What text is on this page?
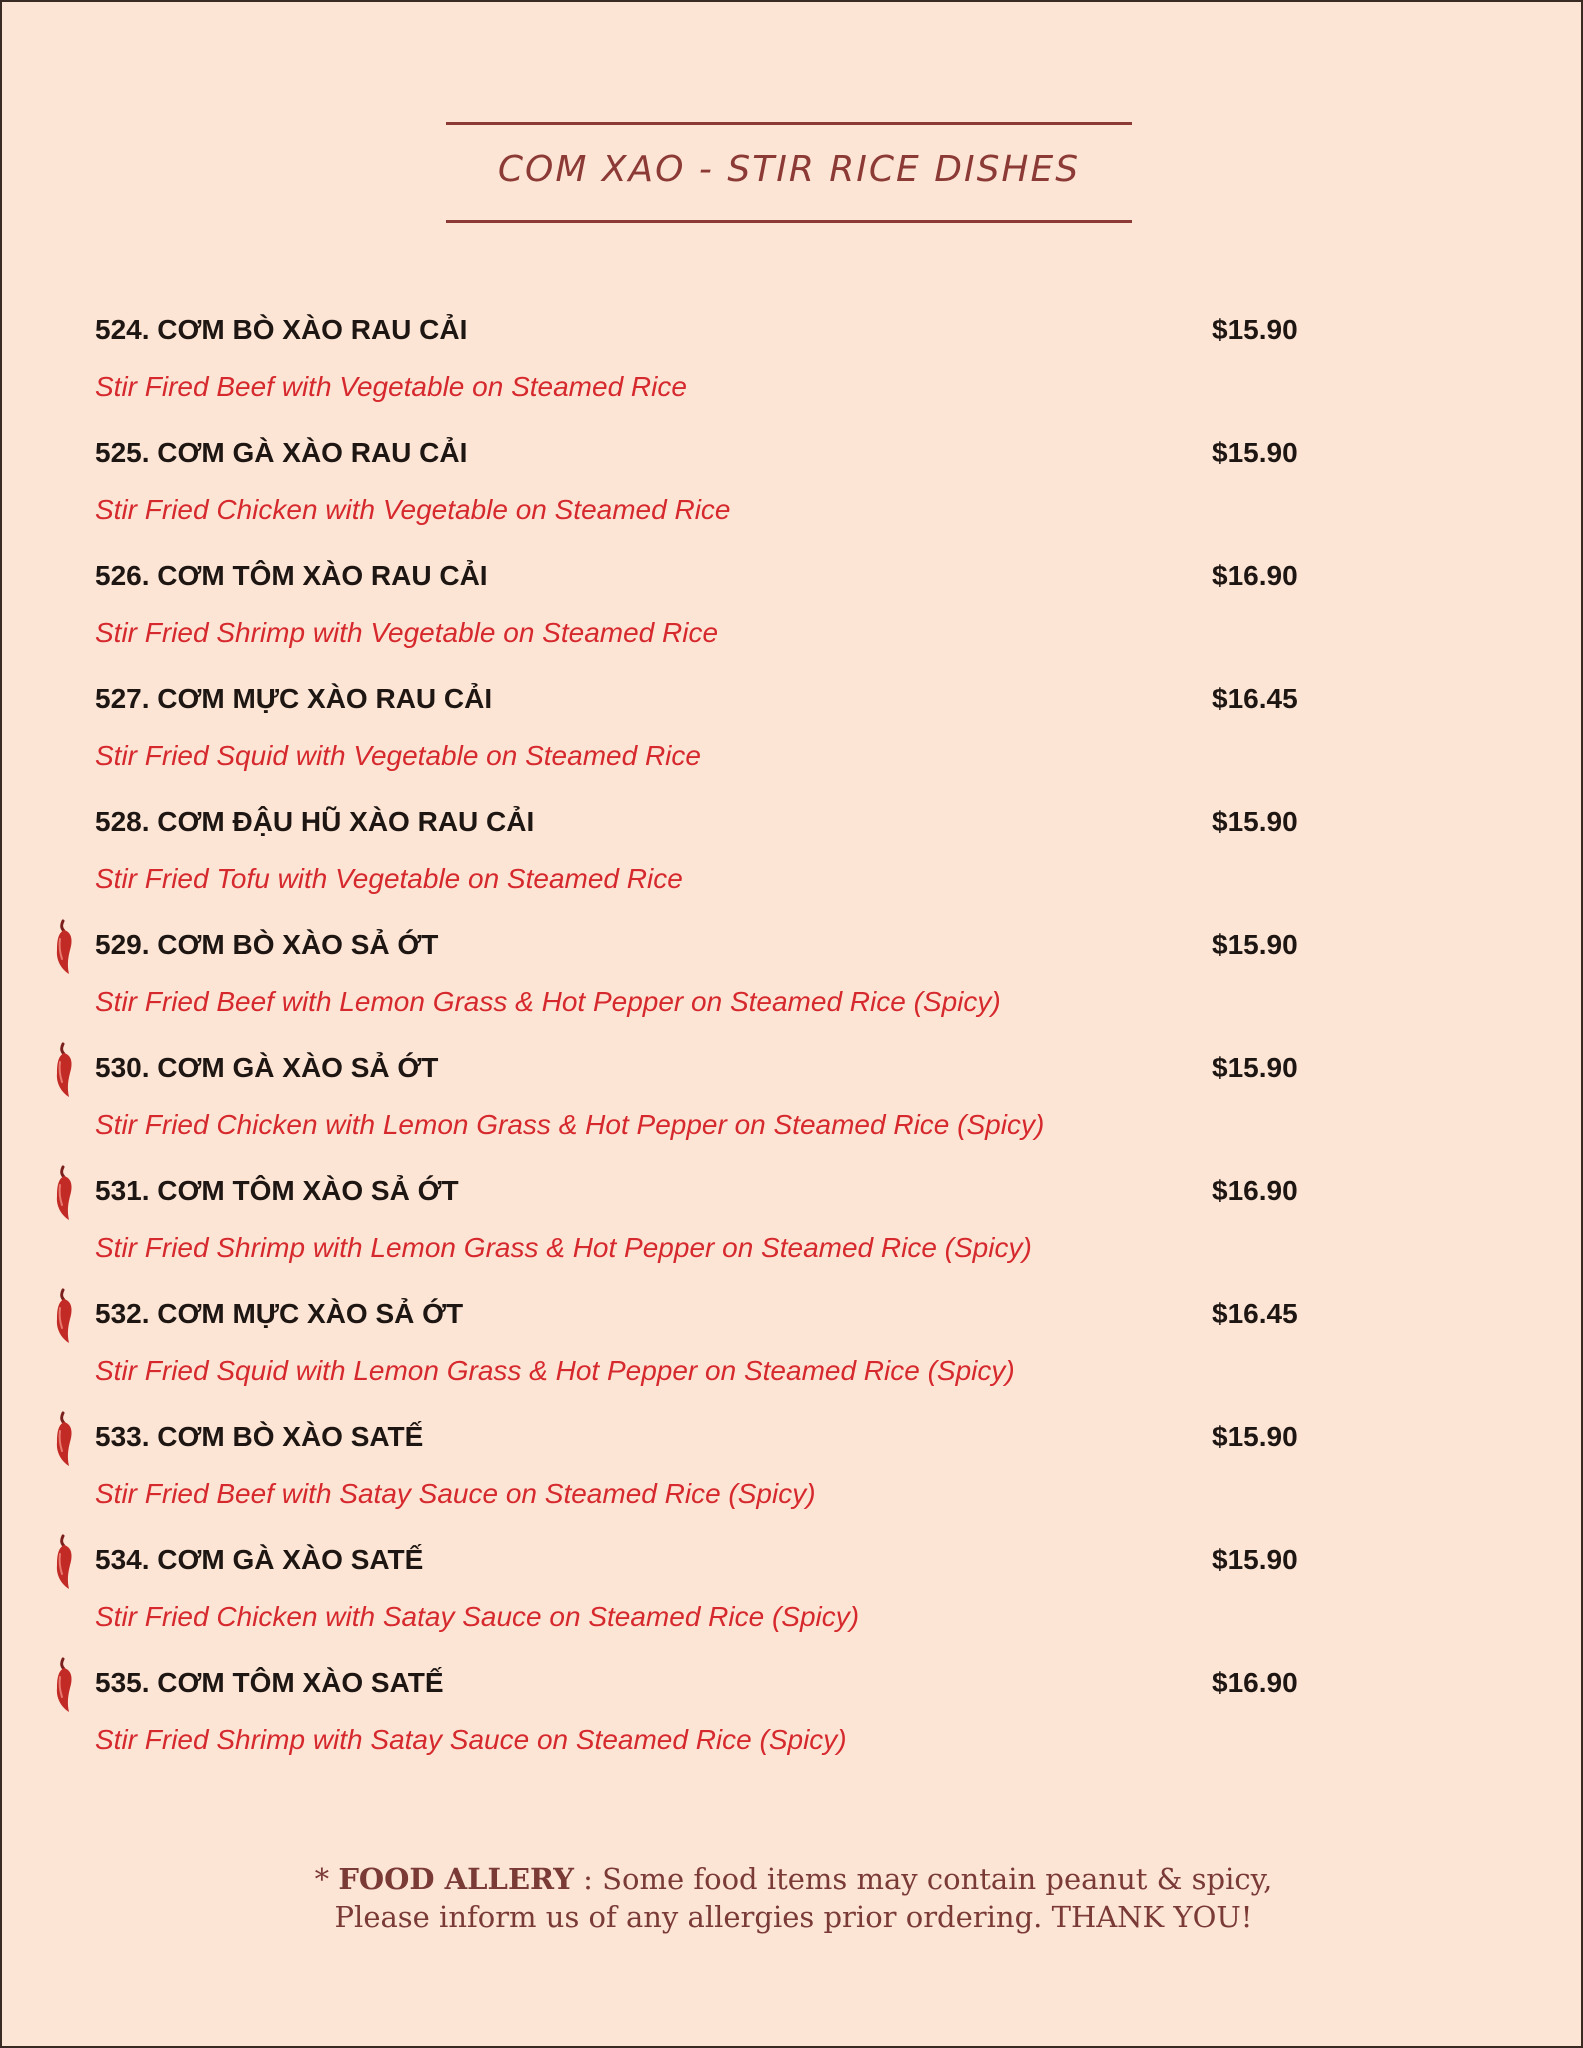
COM XAO - STIR RICE DISHES
524. CƠM BÒ XÀO RAU CẢI	$15.90
Stir Fired Beef with Vegetable on Steamed Rice
525. CƠM GÀ XÀO RAU CẢI	$15.90
Stir Fried Chicken with Vegetable on Steamed Rice
526. CƠM TÔM XÀO RAU CẢI	$16.90
Stir Fried Shrimp with Vegetable on Steamed Rice
527. CƠM MỰC XÀO RAU CẢI	$16.45
Stir Fried Squid with Vegetable on Steamed Rice
528. CƠM ĐẬU HŨ XÀO RAU CẢI	$15.90
Stir Fried Tofu with Vegetable on Steamed Rice
529. CƠM BÒ XÀO SẢ ỚT	$15.90
Stir Fried Beef with Lemon Grass & Hot Pepper on Steamed Rice (Spicy)
530. CƠM GÀ XÀO SẢ ỚT	$15.90
Stir Fried Chicken with Lemon Grass & Hot Pepper on Steamed Rice (Spicy)
531. CƠM TÔM XÀO SẢ ỚT	$16.90
Stir Fried Shrimp with Lemon Grass & Hot Pepper on Steamed Rice (Spicy)
532. CƠM MỰC XÀO SẢ ỚT	$16.45
Stir Fried Squid with Lemon Grass & Hot Pepper on Steamed Rice (Spicy)
533. CƠM BÒ XÀO SATẾ	$15.90
Stir Fried Beef with Satay Sauce on Steamed Rice (Spicy)
534. CƠM GÀ XÀO SATẾ	$15.90
Stir Fried Chicken with Satay Sauce on Steamed Rice (Spicy)
535. CƠM TÔM XÀO SATẾ	$16.90
Stir Fried Shrimp with Satay Sauce on Steamed Rice (Spicy)
* FOOD ALLERY : Some food items may contain peanut & spicy,
Please inform us of any allergies prior ordering. THANK YOU!
